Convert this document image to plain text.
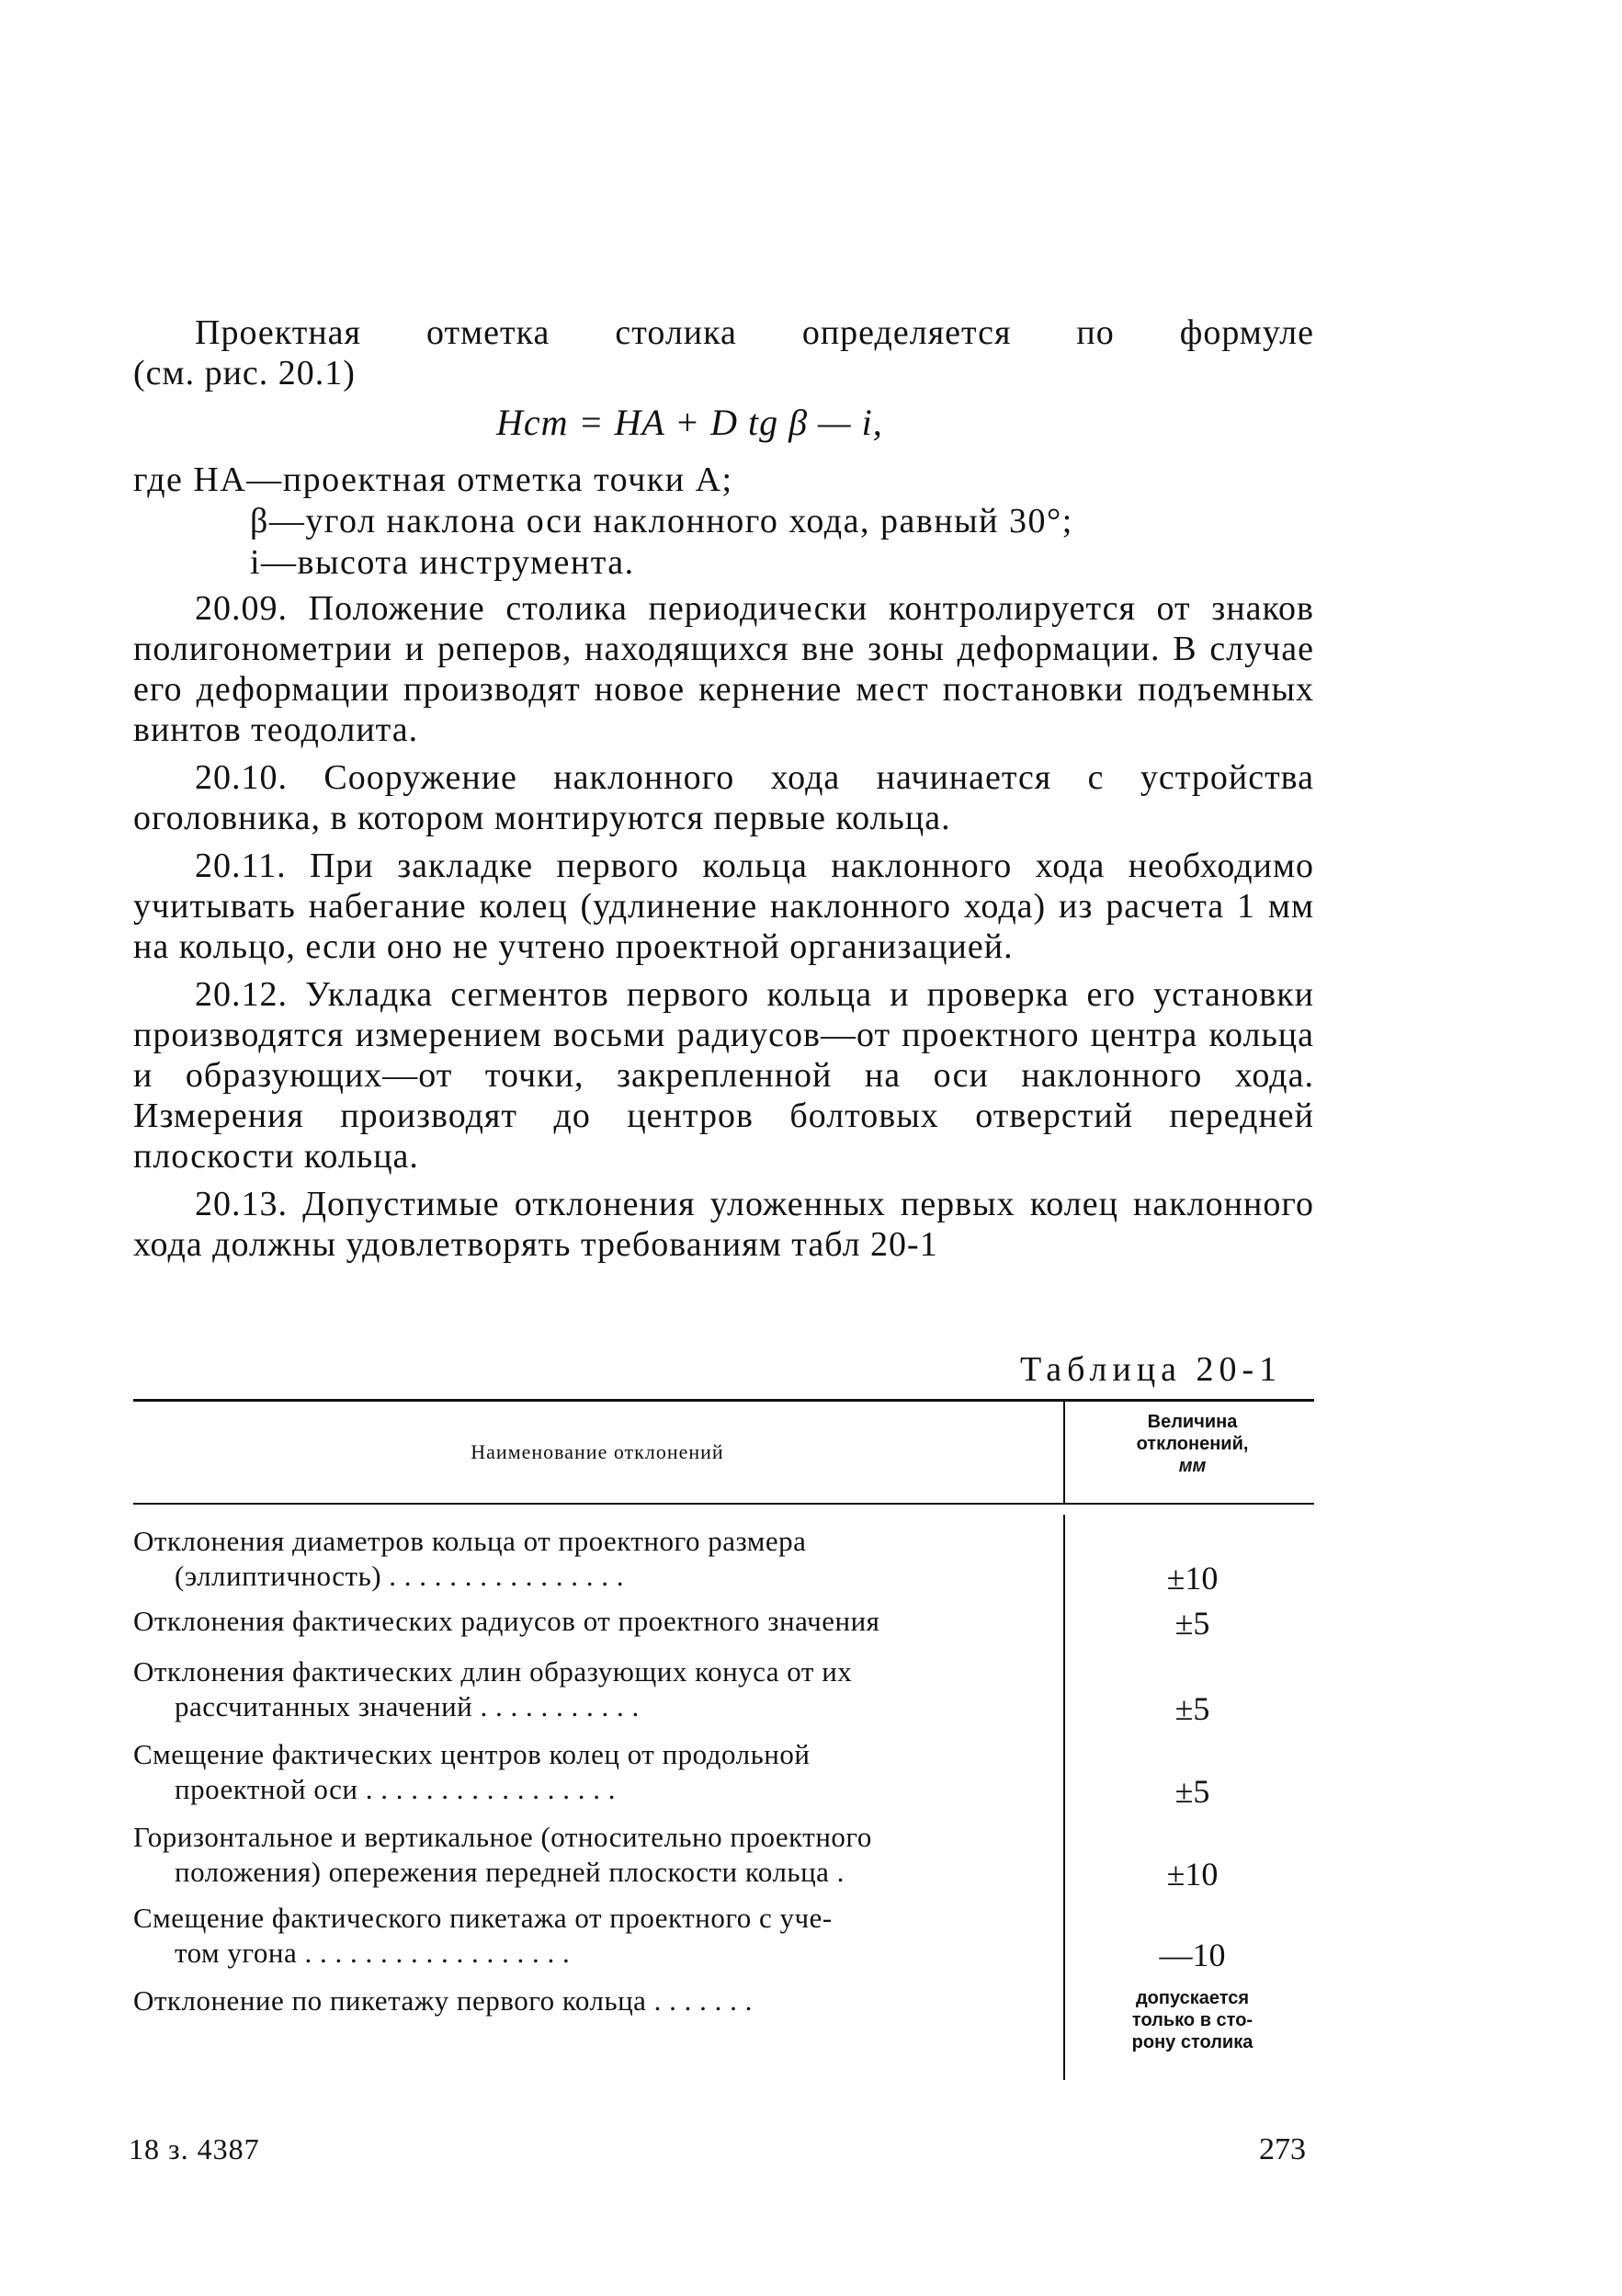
Проектная отметка столика определяется по формуле

(см. рис. 20.1)

Hст = HA + D tg β — i,
где HA—проектная отметка точки A;
β—угол наклона оси наклонного хода, равный 30°;
i—высота инструмента.

20.09. Положение столика периодически контролируется от знаков полигонометрии и реперов, находящихся вне зоны деформации. В случае его деформации производят новое кернение мест постановки подъемных винтов теодолита.

20.10. Сооружение наклонного хода начинается с устройства оголовника, в котором монтируются первые кольца.

20.11. При закладке первого кольца наклонного хода необходимо учитывать набегание колец (удлинение наклонного хода) из расчета 1 мм на кольцо, если оно не учтено проектной организацией.

20.12. Укладка сегментов первого кольца и проверка его установки производятся измерением восьми радиусов—от проектного центра кольца и образующих—от точки, закрепленной на оси наклонного хода. Измерения производят до центров болтовых отверстий передней плоскости кольца.

20.13. Допустимые отклонения уложенных первых колец наклонного хода должны удовлетворять требованиям табл 20-1

Таблица 20-1
Наименование отклонений
Величина
отклонений,
мм
Отклонения диаметров кольца от проектного размера
(эллиптичность) . . . . . . . . . . . . . . . .	±10
Отклонения фактических радиусов от проектного значения	±5
Отклонения фактических длин образующих конуса от их
рассчитанных значений . . . . . . . . . . .	±5
Смещение фактических центров колец от продольной
проектной оси . . . . . . . . . . . . . . . . .	±5
Горизонтальное и вертикальное (относительно проектного
положения) опережения передней плоскости кольца .	±10
Смещение фактического пикетажа от проектного с уче-
том угона . . . . . . . . . . . . . . . . . .	—10
Отклонение по пикетажу первого кольца . . . . . . .	допускается
только в сто-
рону столика
18 з. 4387	273
